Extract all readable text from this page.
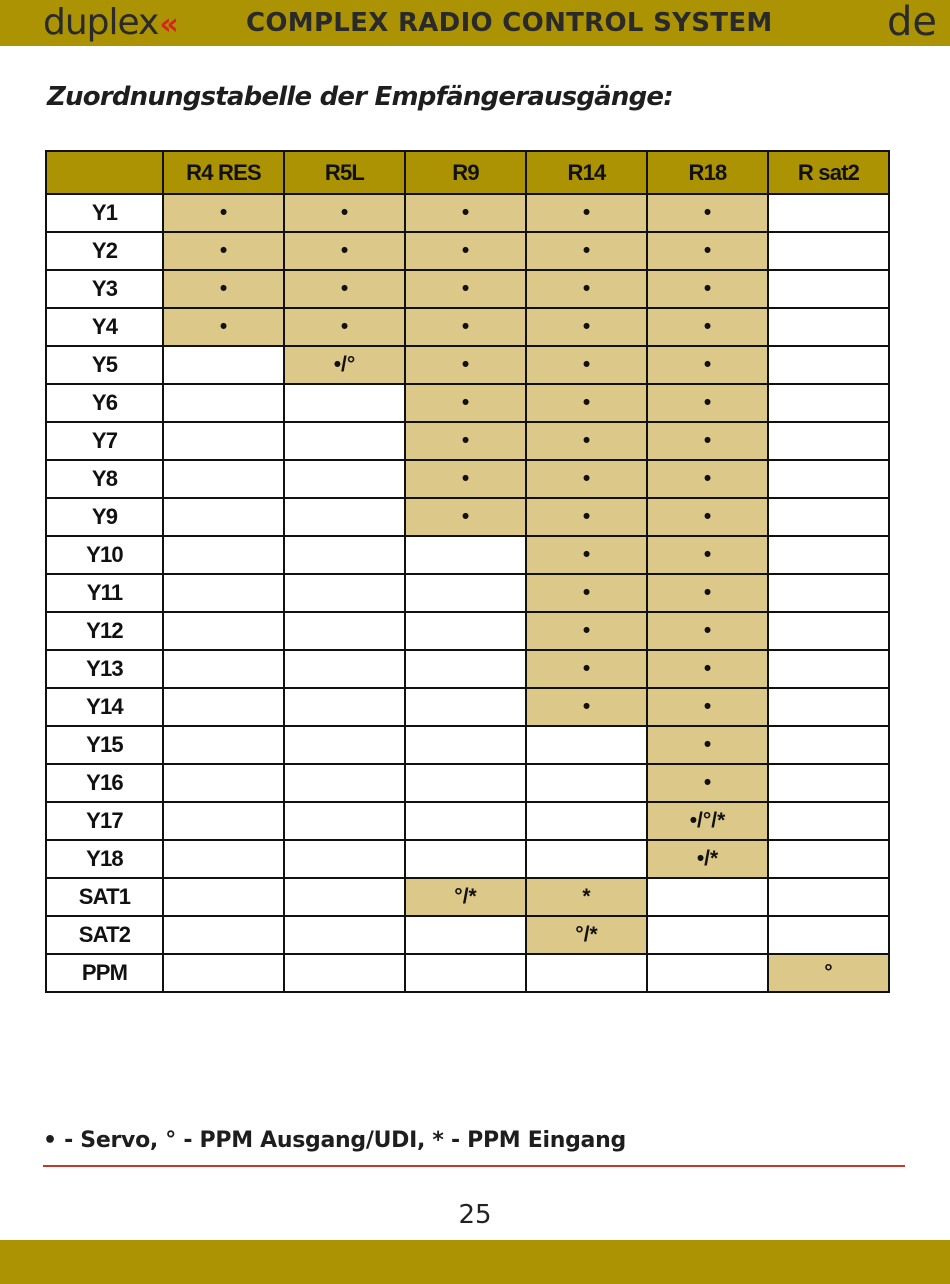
duplex«	COMPLEX RADIO CONTROL SYSTEM	de
Zuordnungstabelle der Empfängerausgänge:
	R4 RES	R5L	R9	R14	R18	R sat2
Y1	•	•	•	•	•	
Y2	•	•	•	•	•	
Y3	•	•	•	•	•	
Y4	•	•	•	•	•	
Y5		•/°	•	•	•	
Y6			•	•	•	
Y7			•	•	•	
Y8			•	•	•	
Y9			•	•	•	
Y10				•	•	
Y11				•	•	
Y12				•	•	
Y13				•	•	
Y14				•	•	
Y15					•	
Y16					•	
Y17					•/°/*	
Y18					•/*	
SAT1			°/*	*		
SAT2				°/*		
PPM						°
• - Servo, ° - PPM Ausgang/UDI, * - PPM Eingang
25
